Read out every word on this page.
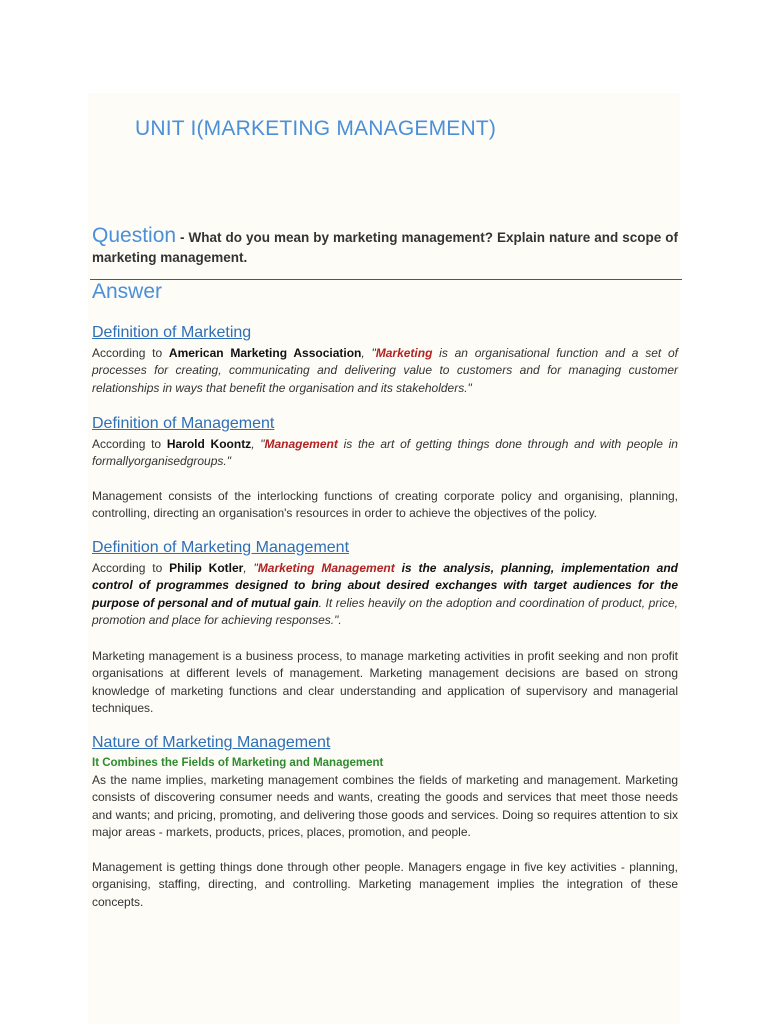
UNIT I(MARKETING MANAGEMENT)

Question - What do you mean by marketing management? Explain nature and scope of marketing management.

Answer
Definition of Marketing

According to American Marketing Association, "Marketing is an organisational function and a set of processes for creating, communicating and delivering value to customers and for managing customer relationships in ways that benefit the organisation and its stakeholders."

Definition of Management

According to Harold Koontz, "Management is the art of getting things done through and with people in formallyorganisedgroups."

Management consists of the interlocking functions of creating corporate policy and organising, planning, controlling, directing an organisation's resources in order to achieve the objectives of the policy.

Definition of Marketing Management

According to Philip Kotler, "Marketing Management is the analysis, planning, implementation and control of programmes designed to bring about desired exchanges with target audiences for the purpose of personal and of mutual gain. It relies heavily on the adoption and coordination of product, price, promotion and place for achieving responses.".

Marketing management is a business process, to manage marketing activities in profit seeking and non profit organisations at different levels of management. Marketing management decisions are based on strong knowledge of marketing functions and clear understanding and application of supervisory and managerial techniques.

Nature of Marketing Management
It Combines the Fields of Marketing and Management

As the name implies, marketing management combines the fields of marketing and management. Marketing consists of discovering consumer needs and wants, creating the goods and services that meet those needs and wants; and pricing, promoting, and delivering those goods and services. Doing so requires attention to six major areas - markets, products, prices, places, promotion, and people.

Management is getting things done through other people. Managers engage in five key activities - planning, organising, staffing, directing, and controlling. Marketing management implies the integration of these concepts.
